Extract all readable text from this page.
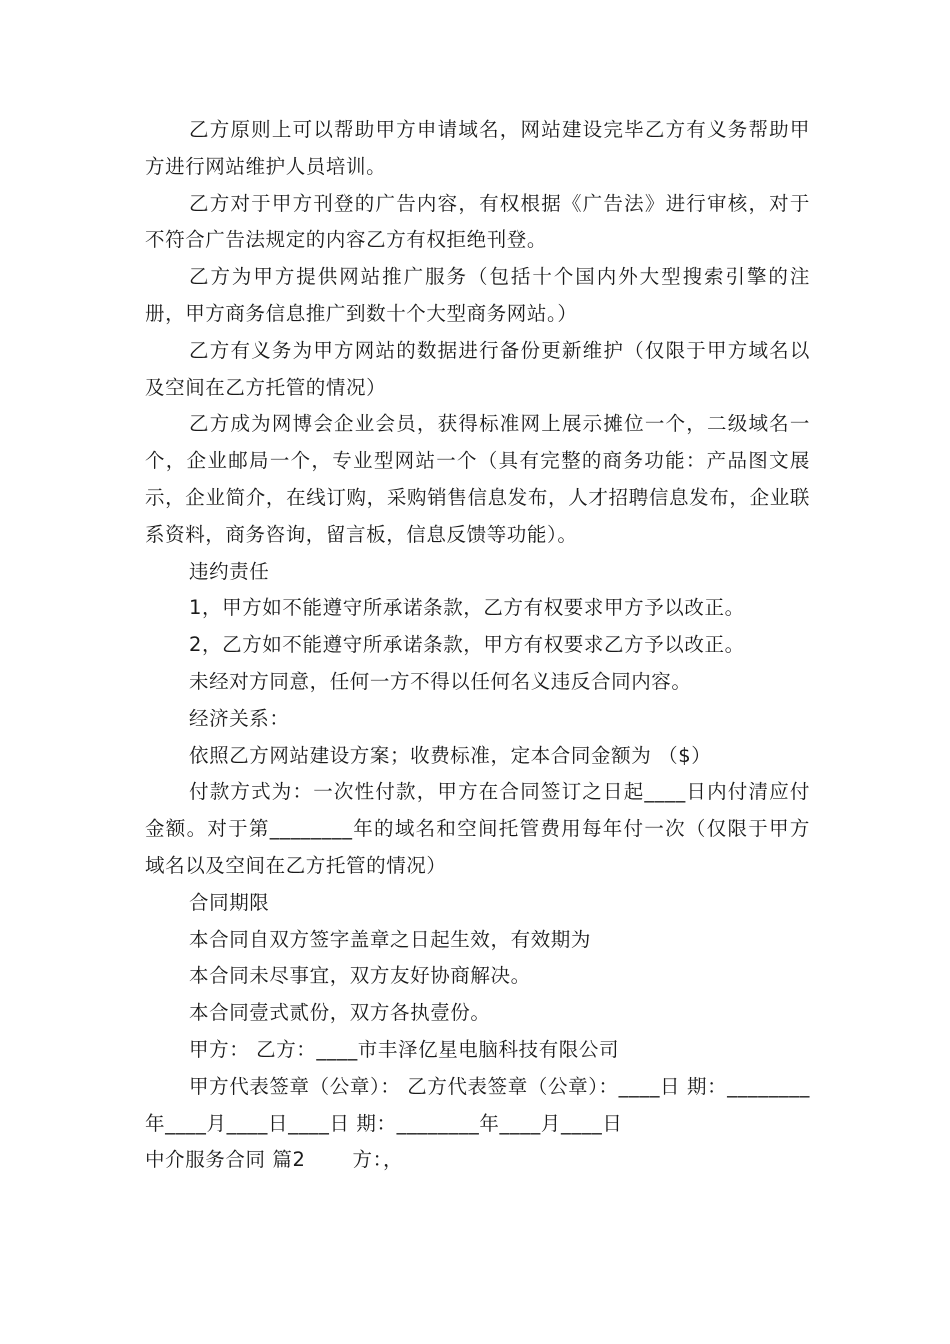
乙方原则上可以帮助甲方申请域名，网站建设完毕乙方有义务帮助甲方进行网站维护人员培训。

乙方对于甲方刊登的广告内容，有权根据《广告法》进行审核，对于不符合广告法规定的内容乙方有权拒绝刊登。

乙方为甲方提供网站推广服务（包括十个国内外大型搜索引擎的注册，甲方商务信息推广到数十个大型商务网站。）

乙方有义务为甲方网站的数据进行备份更新维护（仅限于甲方域名以及空间在乙方托管的情况）

乙方成为网博会企业会员，获得标准网上展示摊位一个，二级域名一个，企业邮局一个，专业型网站一个（具有完整的商务功能：产品图文展示，企业简介，在线订购，采购销售信息发布，人才招聘信息发布，企业联系资料，商务咨询，留言板，信息反馈等功能）。

违约责任

1，甲方如不能遵守所承诺条款，乙方有权要求甲方予以改正。

2，乙方如不能遵守所承诺条款，甲方有权要求乙方予以改正。

未经对方同意，任何一方不得以任何名义违反合同内容。

经济关系：

依照乙方网站建设方案；收费标准，定本合同金额为 （$）

付款方式为：一次性付款，甲方在合同签订之日起____日内付清应付金额。对于第________年的域名和空间托管费用每年付一次（仅限于甲方域名以及空间在乙方托管的情况）

合同期限

本合同自双方签字盖章之日起生效，有效期为

本合同未尽事宜，双方友好协商解决。

本合同壹式贰份，双方各执壹份。

甲方： 乙方：____市丰泽亿星电脑科技有限公司

甲方代表签章（公章）： 乙方代表签章（公章）：____日 期：________年____月____日____日 期：________年____月____日

中介服务合同 篇2　　 方：，
